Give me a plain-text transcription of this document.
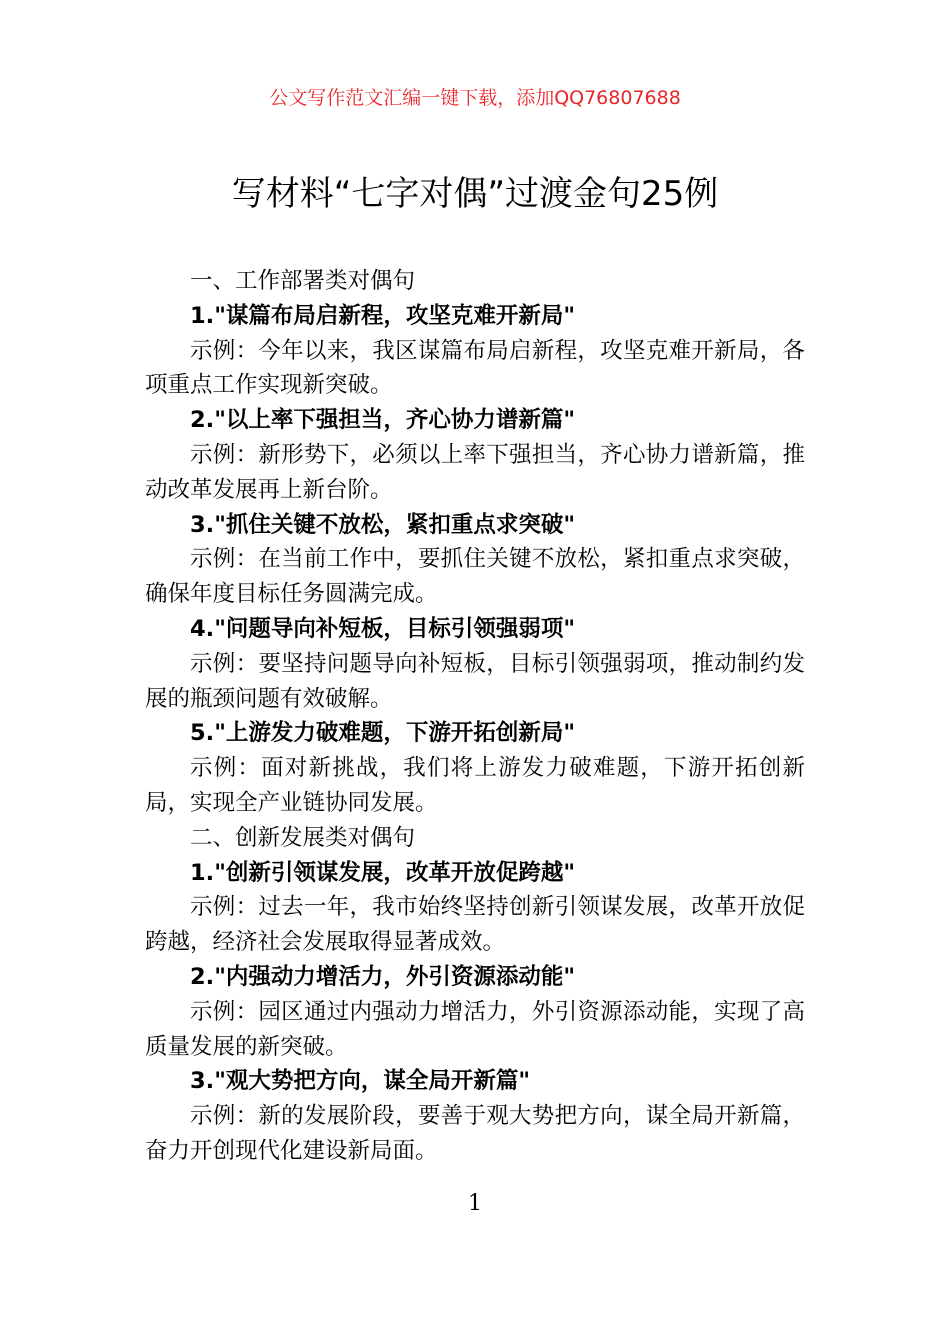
公文写作范文汇编一键下载，添加QQ76807688
写材料“七字对偶”过渡金句25例

一、工作部署类对偶句

1."谋篇布局启新程，攻坚克难开新局"

示例：今年以来，我区谋篇布局启新程，攻坚克难开新局，各项重点工作实现新突破。

2."以上率下强担当，齐心协力谱新篇"

示例：新形势下，必须以上率下强担当，齐心协力谱新篇，推动改革发展再上新台阶。

3."抓住关键不放松，紧扣重点求突破"

示例：在当前工作中，要抓住关键不放松，紧扣重点求突破，确保年度目标任务圆满完成。

4."问题导向补短板，目标引领强弱项"

示例：要坚持问题导向补短板，目标引领强弱项，推动制约发展的瓶颈问题有效破解。

5."上游发力破难题，下游开拓创新局"

示例：面对新挑战，我们将上游发力破难题，下游开拓创新局，实现全产业链协同发展。

二、创新发展类对偶句

1."创新引领谋发展，改革开放促跨越"

示例：过去一年，我市始终坚持创新引领谋发展，改革开放促跨越，经济社会发展取得显著成效。

2."内强动力增活力，外引资源添动能"

示例：园区通过内强动力增活力，外引资源添动能，实现了高质量发展的新突破。

3."观大势把方向，谋全局开新篇"

示例：新的发展阶段，要善于观大势把方向，谋全局开新篇，奋力开创现代化建设新局面。

1
